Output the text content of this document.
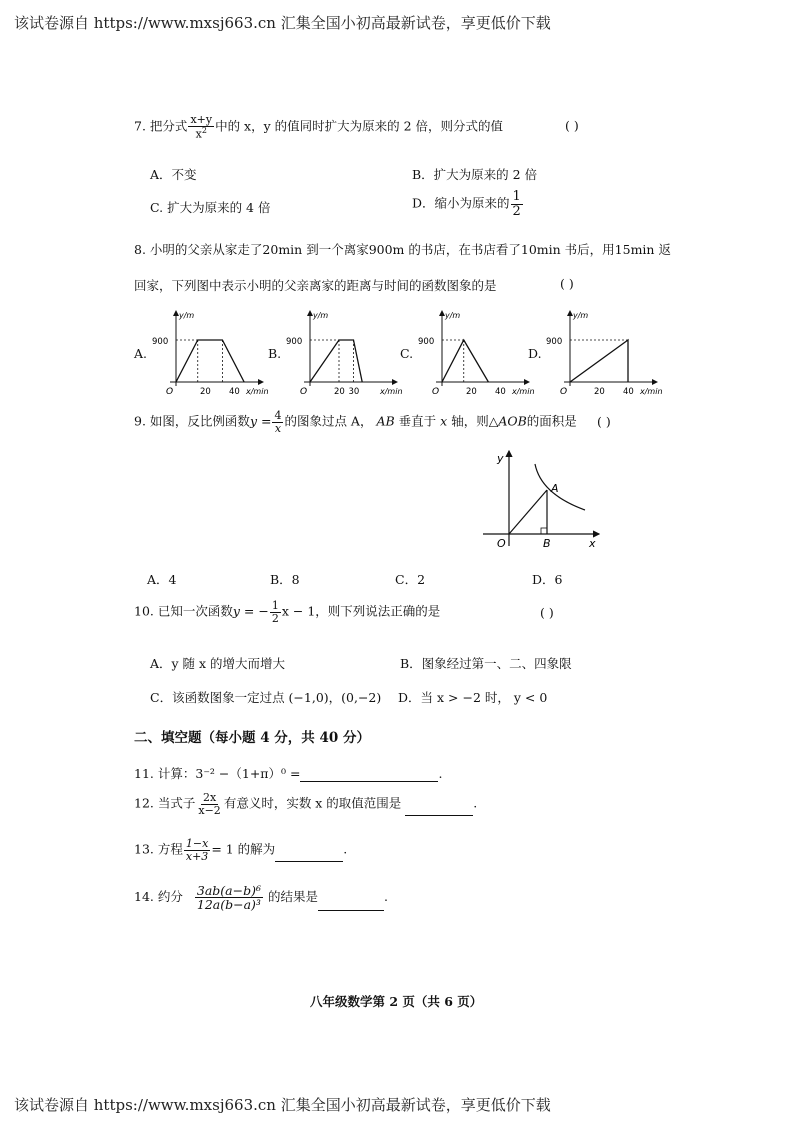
该试卷源自 https://www.mxsj663.cn 汇集全国小初高最新试卷，享更低价下载
7. 把分式 $\frac{x+y}{x^2}$ 中的 x，y 的值同时扩大为原来的 2 倍，则分式的值	( )
A．不变	B．扩大为原来的 2 倍
C. 扩大为原来的 4 倍	D．缩小为原来的 $\frac{1}{2}$
8. 小明的父亲从家走了20min 到一个离家900m 的书店，在书店看了10min 书后，用15min 返
回家，下列图中表示小明的父亲离家的距离与时间的函数图象的是	( )
A.
y/m
x/min
900
O	20 40
B.
y/m
x/min
900
O	20 30
C.
y/m
x/min
900
O	20 40
D.
y/m
x/min
900
O	20 40
9. 如图，反比例函数$y = \frac{4}{x}$ 的图象过点 A， AB 垂直于 x 轴，则△AOB的面积是 ( )
y
x
O
A
B
A．4	B．8	C．2	D．6
10. 已知一次函数y = − $\frac{1}{2}$ x − 1，则下列说法正确的是	( )
A．y 随 x 的增大而增大	B．图象经过第一、二、四象限
C．该函数图象一定过点 (−1,0)，(0,−2) D．当 x > −2 时， y < 0
二、填空题（每小题 4 分，共 40 分）
11. 计算：3⁻² −（1+π）⁰ =	.
12. 当式子 $\frac{2x}{x-2}$ 有意义时，实数 x 的取值范围是	.
13. 方程 $\frac{1-x}{x+3} = 1$ 的解为	.
14. 约分 $\frac{\text{3ab(a−b)⁶}}{\text{12a(b−a)³}}$ 的结果是	.
八年级数学第 2 页（共 6 页）
该试卷源自 https://www.mxsj663.cn 汇集全国小初高最新试卷，享更低价下载
